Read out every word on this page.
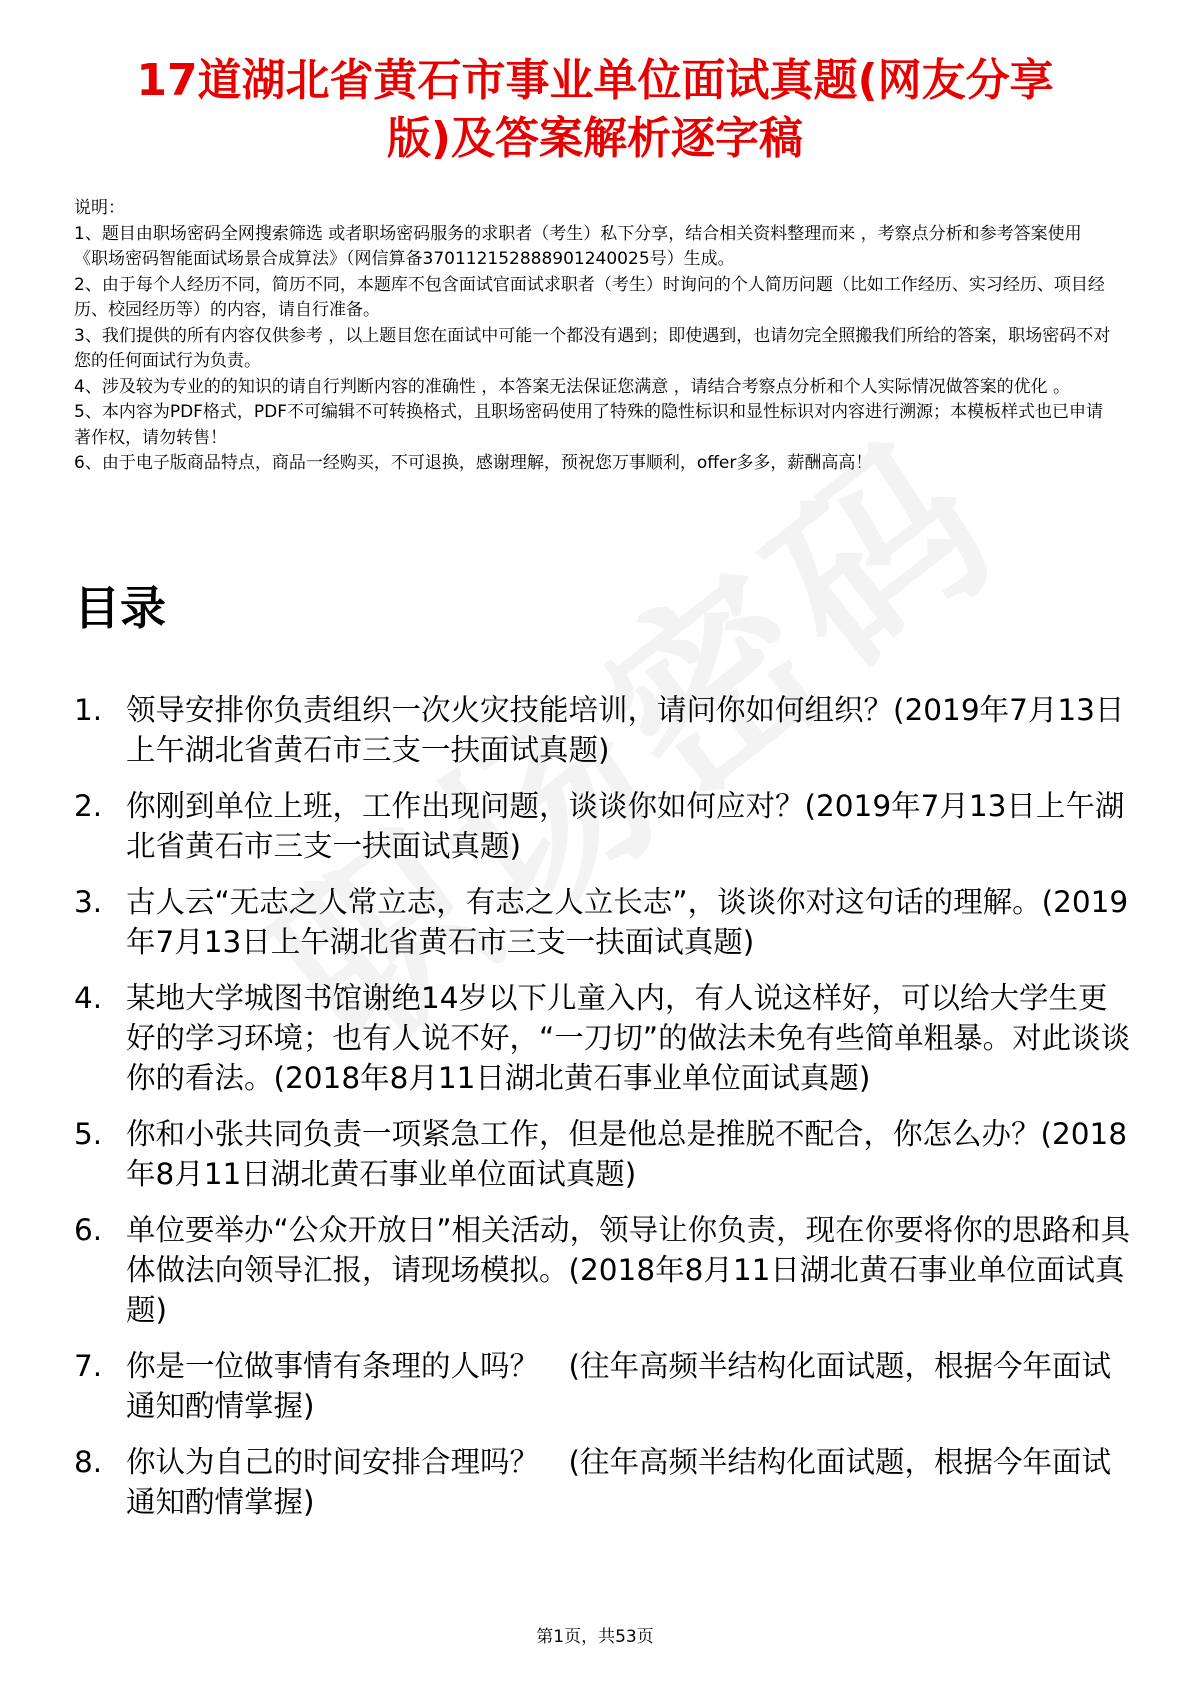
17道湖北省黄石市事业单位面试真题(网友分享
版)及答案解析逐字稿

说明：

1、题目由职场密码全网搜索筛选 或者职场密码服务的求职者（考生）私下分享，结合相关资料整理而来 ，考察点分析和参考答案使用《职场密码智能面试场景合成算法》（网信算备370112152888901240025号）生成。

2、由于每个人经历不同，简历不同，本题库不包含面试官面试求职者（考生）时询问的个人简历问题（比如工作经历、实习经历、项目经历、校园经历等）的内容，请自行准备。

3、我们提供的所有内容仅供参考 ，以上题目您在面试中可能一个都没有遇到；即使遇到，也请勿完全照搬我们所给的答案，职场密码不对您的任何面试行为负责。

4、涉及较为专业的的知识的请自行判断内容的准确性 ，本答案无法保证您满意 ，请结合考察点分析和个人实际情况做答案的优化 。

5、本内容为PDF格式，PDF不可编辑不可转换格式，且职场密码使用了特殊的隐性标识和显性标识对内容进行溯源；本模板样式也已申请著作权，请勿转售！

6、由于电子版商品特点，商品一经购买，不可退换，感谢理解，预祝您万事顺利，offer多多，薪酬高高！

目录
1. 领导安排你负责组织一次火灾技能培训，请问你如何组织？(2019年7月13日上午湖北省黄石市三支一扶面试真题)
2. 你刚到单位上班，工作出现问题，谈谈你如何应对？(2019年7月13日上午湖北省黄石市三支一扶面试真题)
3. 古人云“无志之人常立志，有志之人立长志”，谈谈你对这句话的理解。(2019年7月13日上午湖北省黄石市三支一扶面试真题)
4. 某地大学城图书馆谢绝14岁以下儿童入内，有人说这样好，可以给大学生更好的学习环境；也有人说不好，“一刀切”的做法未免有些简单粗暴。对此谈谈你的看法。(2018年8月11日湖北黄石事业单位面试真题)
5. 你和小张共同负责一项紧急工作，但是他总是推脱不配合，你怎么办？(2018年8月11日湖北黄石事业单位面试真题)
6. 单位要举办“公众开放日”相关活动，领导让你负责，现在你要将你的思路和具体做法向领导汇报，请现场模拟。(2018年8月11日湖北黄石事业单位面试真题)
7. 你是一位做事情有条理的人吗？　(往年高频半结构化面试题，根据今年面试通知酌情掌握)
8. 你认为自己的时间安排合理吗？　(往年高频半结构化面试题，根据今年面试通知酌情掌握)
第1页，共53页
